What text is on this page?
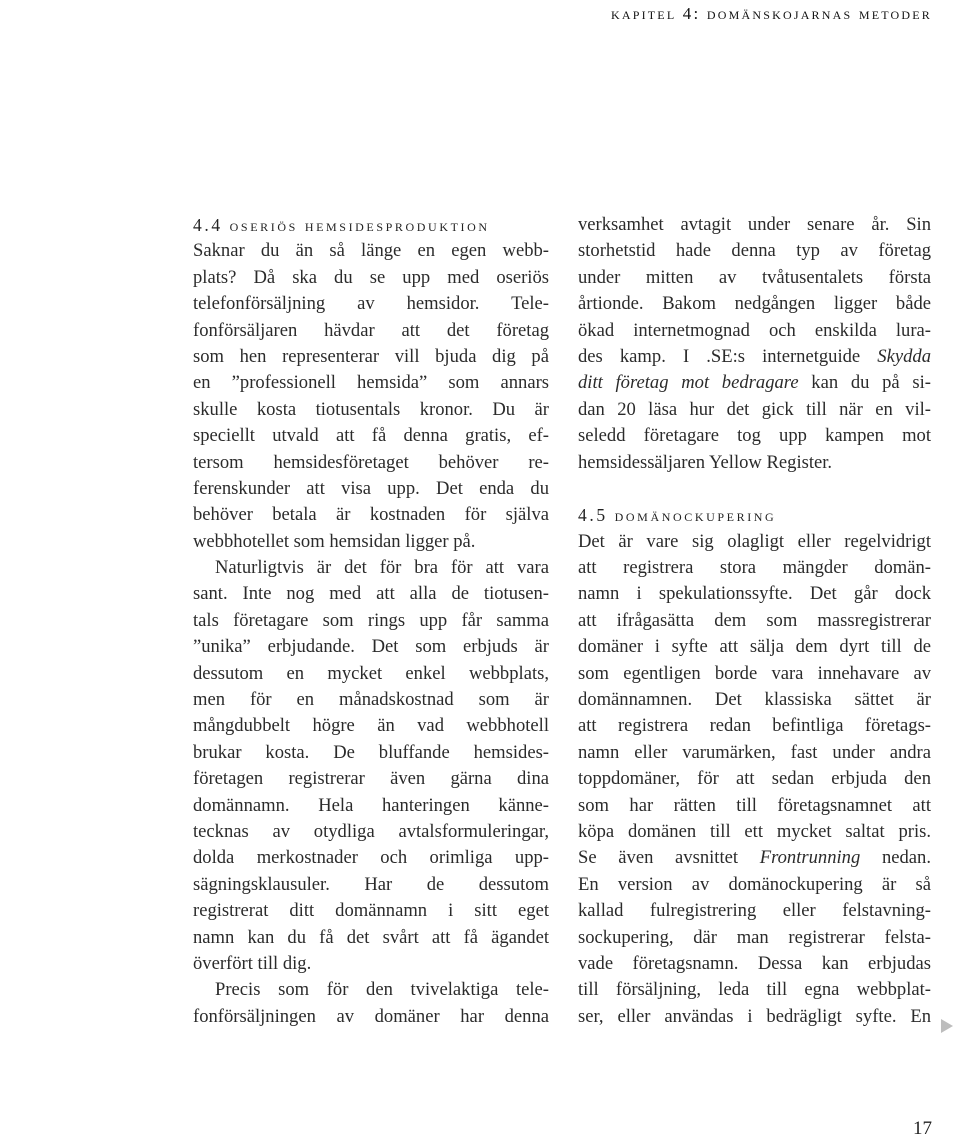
kapitel 4: domänskojarnas metoder
4.4 oseriös hemsidesproduktion
Saknar du än så länge en egen webb-
plats? Då ska du se upp med oseriös
telefonförsäljning av hemsidor. Tele-
fonförsäljaren hävdar att det företag
som hen representerar vill bjuda dig på
en ”professionell hemsida” som annars
skulle kosta tiotusentals kronor. Du är
speciellt utvald att få denna gratis, ef-
tersom hemsidesföretaget behöver re-
ferenskunder att visa upp. Det enda du
behöver betala är kostnaden för själva
webbhotellet som hemsidan ligger på.
Naturligtvis är det för bra för att vara
sant. Inte nog med att alla de tiotusen-
tals företagare som rings upp får samma
”unika” erbjudande. Det som erbjuds är
dessutom en mycket enkel webbplats,
men för en månadskostnad som är
mångdubbelt högre än vad webbhotell
brukar kosta. De bluffande hemsides-
företagen registrerar även gärna dina
domännamn. Hela hanteringen känne-
tecknas av otydliga avtalsformuleringar,
dolda merkostnader och orimliga upp-
sägningsklausuler. Har de dessutom
registrerat ditt domännamn i sitt eget
namn kan du få det svårt att få ägandet
överfört till dig.
Precis som för den tvivelaktiga tele-
fonförsäljningen av domäner har denna
verksamhet avtagit under senare år. Sin
storhetstid hade denna typ av företag
under mitten av tvåtusentalets första
årtionde. Bakom nedgången ligger både
ökad internetmognad och enskilda lura-
des kamp. I .SE:s internetguide Skydda
ditt företag mot bedragare kan du på si-
dan 20 läsa hur det gick till när en vil-
seledd företagare tog upp kampen mot
hemsidessäljaren Yellow Register.
4.5 domänockupering
Det är vare sig olagligt eller regelvidrigt
att registrera stora mängder domän-
namn i spekulationssyfte. Det går dock
att ifrågasätta dem som massregistrerar
domäner i syfte att sälja dem dyrt till de
som egentligen borde vara innehavare av
domännamnen. Det klassiska sättet är
att registrera redan befintliga företags-
namn eller varumärken, fast under andra
toppdomäner, för att sedan erbjuda den
som har rätten till företagsnamnet att
köpa domänen till ett mycket saltat pris.
Se även avsnittet Frontrunning nedan.
En version av domänockupering är så
kallad fulregistrering eller felstavning-
sockupering, där man registrerar felsta-
vade företagsnamn. Dessa kan erbjudas
till försäljning, leda till egna webbplat-
ser, eller användas i bedrägligt syfte. En
17
